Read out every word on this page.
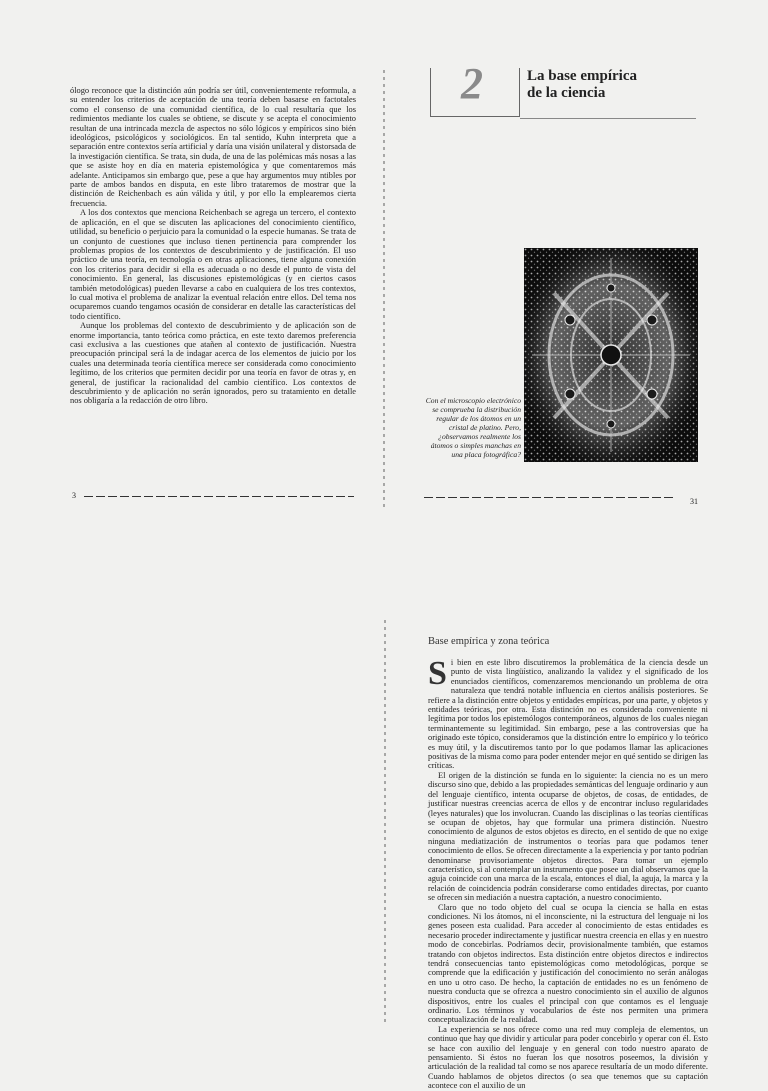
ólogo reconoce que la distinción aún podría ser útil, convenientemente reformula, a su entender los criterios de aceptación de una teoría deben basarse en factotales como el consenso de una comunidad científica, de lo cual resultaría que los redimientos mediante los cuales se obtiene, se discute y se acepta el conocimiento resultan de una intrincada mezcla de aspectos no sólo lógicos y empíricos sino bién ideológicos, psicológicos y sociológicos. En tal sentido, Kuhn interpreta que a separación entre contextos sería artificial y daría una visión unilateral y distorsada de la investigación científica. Se trata, sin duda, de una de las polémicas más nosas a las que se asiste hoy en día en materia epistemológica y que comentaremos más adelante. Anticipamos sin embargo que, pese a que hay argumentos muy ntibles por parte de ambos bandos en disputa, en este libro trataremos de mostrar que la distinción de Reichenbach es aún válida y útil, y por ello la emplearemos cierta frecuencia.

A los dos contextos que menciona Reichenbach se agrega un tercero, el contexto de aplicación, en el que se discuten las aplicaciones del conocimiento científico, utilidad, su beneficio o perjuicio para la comunidad o la especie humanas. Se trata de un conjunto de cuestiones que incluso tienen pertinencia para comprender los problemas propios de los contextos de descubrimiento y de justificación. El uso práctico de una teoría, en tecnología o en otras aplicaciones, tiene alguna conexión con los criterios para decidir si ella es adecuada o no desde el punto de vista del conocimiento. En general, las discusiones epistemológicas (y en ciertos casos también metodológicas) pueden llevarse a cabo en cualquiera de los tres contextos, lo cual motiva el problema de analizar la eventual relación entre ellos. Del tema nos ocuparemos cuando tengamos ocasión de considerar en detalle las características del todo científico.

Aunque los problemas del contexto de descubrimiento y de aplicación son de enorme importancia, tanto teórica como práctica, en este texto daremos preferencia casi exclusiva a las cuestiones que atañen al contexto de justificación. Nuestra preocupación principal será la de indagar acerca de los elementos de juicio por los cuales una determinada teoría científica merece ser considerada como conocimiento legítimo, de los criterios que permiten decidir por una teoría en favor de otras y, en general, de justificar la racionalidad del cambio científico. Los contextos de descubrimiento y de aplicación no serán ignorados, pero su tratamiento en detalle nos obligaría a la redacción de otro libro.

3
2	La base empírica
de la ciencia

Con el microscopio electrónico se comprueba la distribución regular de los átomos en un cristal de platino. Pero, ¿observamos realmente los átomos o simples manchas en una placa fotográfica?

31
Base empírica y zona teórica

Si bien en este libro discutiremos la problemática de la ciencia desde un punto de vista lingüístico, analizando la validez y el significado de los enunciados científicos, comenzaremos mencionando un problema de otra naturaleza que tendrá notable influencia en ciertos análisis posteriores. Se refiere a la distinción entre objetos y entidades empíricas, por una parte, y objetos y entidades teóricas, por otra. Esta distinción no es considerada conveniente ni legítima por todos los epistemólogos contemporáneos, algunos de los cuales niegan terminantemente su legitimidad. Sin embargo, pese a las controversias que ha originado este tópico, consideramos que la distinción entre lo empírico y lo teórico es muy útil, y la discutiremos tanto por lo que podamos llamar las aplicaciones positivas de la misma como para poder entender mejor en qué sentido se dirigen las críticas.

El origen de la distinción se funda en lo siguiente: la ciencia no es un mero discurso sino que, debido a las propiedades semánticas del lenguaje ordinario y aun del lenguaje científico, intenta ocuparse de objetos, de cosas, de entidades, de justificar nuestras creencias acerca de ellos y de encontrar incluso regularidades (leyes naturales) que los involucran. Cuando las disciplinas o las teorías científicas se ocupan de objetos, hay que formular una primera distinción. Nuestro conocimiento de algunos de estos objetos es directo, en el sentido de que no exige ninguna mediatización de instrumentos o teorías para que podamos tener conocimiento de ellos. Se ofrecen directamente a la experiencia y por tanto podrían denominarse provisoriamente objetos directos. Para tomar un ejemplo característico, si al contemplar un instrumento que posee un dial observamos que la aguja coincide con una marca de la escala, entonces el dial, la aguja, la marca y la relación de coincidencia podrán considerarse como entidades directas, por cuanto se ofrecen sin mediación a nuestra captación, a nuestro conocimiento.

Claro que no todo objeto del cual se ocupa la ciencia se halla en estas condiciones. Ni los átomos, ni el inconsciente, ni la estructura del lenguaje ni los genes poseen esta cualidad. Para acceder al conocimiento de estas entidades es necesario proceder indirectamente y justificar nuestra creencia en ellas y en nuestro modo de concebirlas. Podríamos decir, provisionalmente también, que estamos tratando con objetos indirectos. Esta distinción entre objetos directos e indirectos tendrá consecuencias tanto epistemológicas como metodológicas, porque se comprende que la edificación y justificación del conocimiento no serán análogas en uno u otro caso. De hecho, la captación de entidades no es un fenómeno de nuestra conducta que se ofrezca a nuestro conocimiento sin el auxilio de algunos dispositivos, entre los cuales el principal con que contamos es el lenguaje ordinario. Los términos y vocabularios de éste nos permiten una primera conceptualización de la realidad.

La experiencia se nos ofrece como una red muy compleja de elementos, un continuo que hay que dividir y articular para poder concebirlo y operar con él. Esto se hace con auxilio del lenguaje y en general con todo nuestro aparato de pensamiento. Si éstos no fueran los que nosotros poseemos, la división y articulación de la realidad tal como se nos aparece resultaría de un modo diferente. Cuando hablamos de objetos directos (o sea que tenemos que su captación acontece con el auxilio de un
